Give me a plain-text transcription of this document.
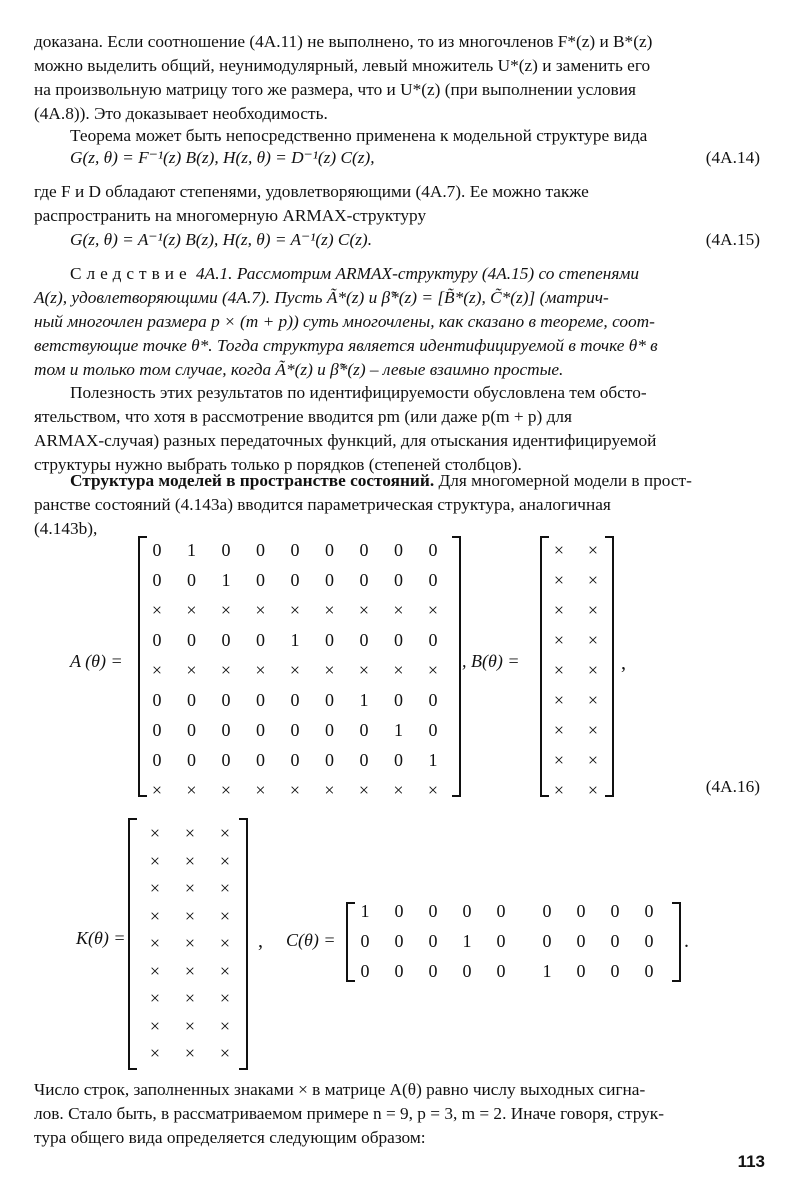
доказана. Если соотношение (4A.11) не выполнено, то из многочленов F*(z) и B*(z)
можно выделить общий, неунимодулярный, левый множитель U*(z) и заменить его
на произвольную матрицу того же размера, что и U*(z) (при выполнении условия
(4A.8)). Это доказывает необходимость.
Теорема может быть непосредственно применена к модельной структуре вида
G(z, θ) = F⁻¹(z) B(z), H(z, θ) = D⁻¹(z) C(z),	(4A.14)
где F и D обладают степенями, удовлетворяющими (4A.7). Ее можно также
распространить на многомерную ARMAX-структуру
G(z, θ) = A⁻¹(z) B(z), H(z, θ) = A⁻¹(z) C(z).	(4A.15)
Следствие 4A.1. Рассмотрим ARMAX-структуру (4A.15) со степенями
A(z), удовлетворяющими (4A.7). Пусть Ã*(z) и β̃*(z) = [B̃*(z), C̃*(z)] (матрич-
ный многочлен размера p × (m + p)) суть многочлены, как сказано в теореме, соот-
ветствующие точке θ*. Тогда структура является идентифицируемой в точке θ* в
том и только том случае, когда Ã*(z) и β̃*(z) – левые взаимно простые.
Полезность этих результатов по идентифицируемости обусловлена тем обсто-
ятельством, что хотя в рассмотрение вводится pm (или даже p(m + p) для
ARMAX-случая) разных передаточных функций, для отыскания идентифицируемой
структуры нужно выбрать только p порядков (степеней столбцов).
Структура моделей в пространстве состояний. Для многомерной модели в прост-
ранстве состояний (4.143a) вводится параметрическая структура, аналогичная
(4.143b),
A (θ) =
0	1	0	0	0	0	0	0	0
0	0	1	0	0	0	0	0	0
×	×	×	×	×	×	×	×	×
0	0	0	0	1	0	0	0	0
×	×	×	×	×	×	×	×	×
0	0	0	0	0	0	1	0	0
0	0	0	0	0	0	0	1	0
0	0	0	0	0	0	0	0	1
×	×	×	×	×	×	×	×	×
, B(θ) =
×	×
×	×
×	×
×	×
×	×
×	×
×	×
×	×
×	×
,
(4A.16)
K(θ) =
×	×	×
×	×	×
×	×	×
×	×	×
×	×	×
×	×	×
×	×	×
×	×	×
×	×	×
, C(θ) =
1	0	0	0	0	0	0	0	0
0	0	0	1	0	0	0	0	0
0	0	0	0	0	1	0	0	0
.
Число строк, заполненных знаками × в матрице A(θ) равно числу выходных сигна-
лов. Стало быть, в рассматриваемом примере n = 9, p = 3, m = 2. Иначе говоря, струк-
тура общего вида определяется следующим образом:
113
